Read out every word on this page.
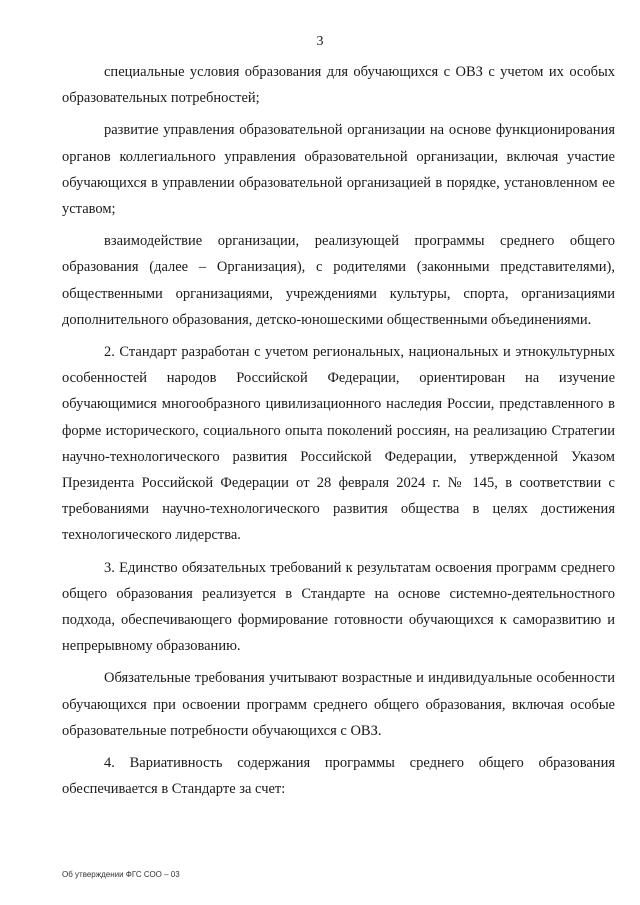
3

специальные условия образования для обучающихся с ОВЗ с учетом их особых образовательных потребностей;

развитие управления образовательной организации на основе функционирования органов коллегиального управления образовательной организации, включая участие обучающихся в управлении образовательной организацией в порядке, установленном ее уставом;

взаимодействие организации, реализующей программы среднего общего образования (далее – Организация), с родителями (законными представителями), общественными организациями, учреждениями культуры, спорта, организациями дополнительного образования, детско-юношескими общественными объединениями.

2. Стандарт разработан с учетом региональных, национальных и этнокультурных особенностей народов Российской Федерации, ориентирован на изучение обучающимися многообразного цивилизационного наследия России, представленного в форме исторического, социального опыта поколений россиян, на реализацию Стратегии научно-технологического развития Российской Федерации, утвержденной Указом Президента Российской Федерации от 28 февраля 2024 г. № 145, в соответствии с требованиями научно-технологического развития общества в целях достижения технологического лидерства.

3. Единство обязательных требований к результатам освоения программ среднего общего образования реализуется в Стандарте на основе системно-деятельностного подхода, обеспечивающего формирование готовности обучающихся к саморазвитию и непрерывному образованию.

Обязательные требования учитывают возрастные и индивидуальные особенности обучающихся при освоении программ среднего общего образования, включая особые образовательные потребности обучающихся с ОВЗ.

4. Вариативность содержания программы среднего общего образования обеспечивается в Стандарте за счет:

Об утверждении ФГС СОО – 03
